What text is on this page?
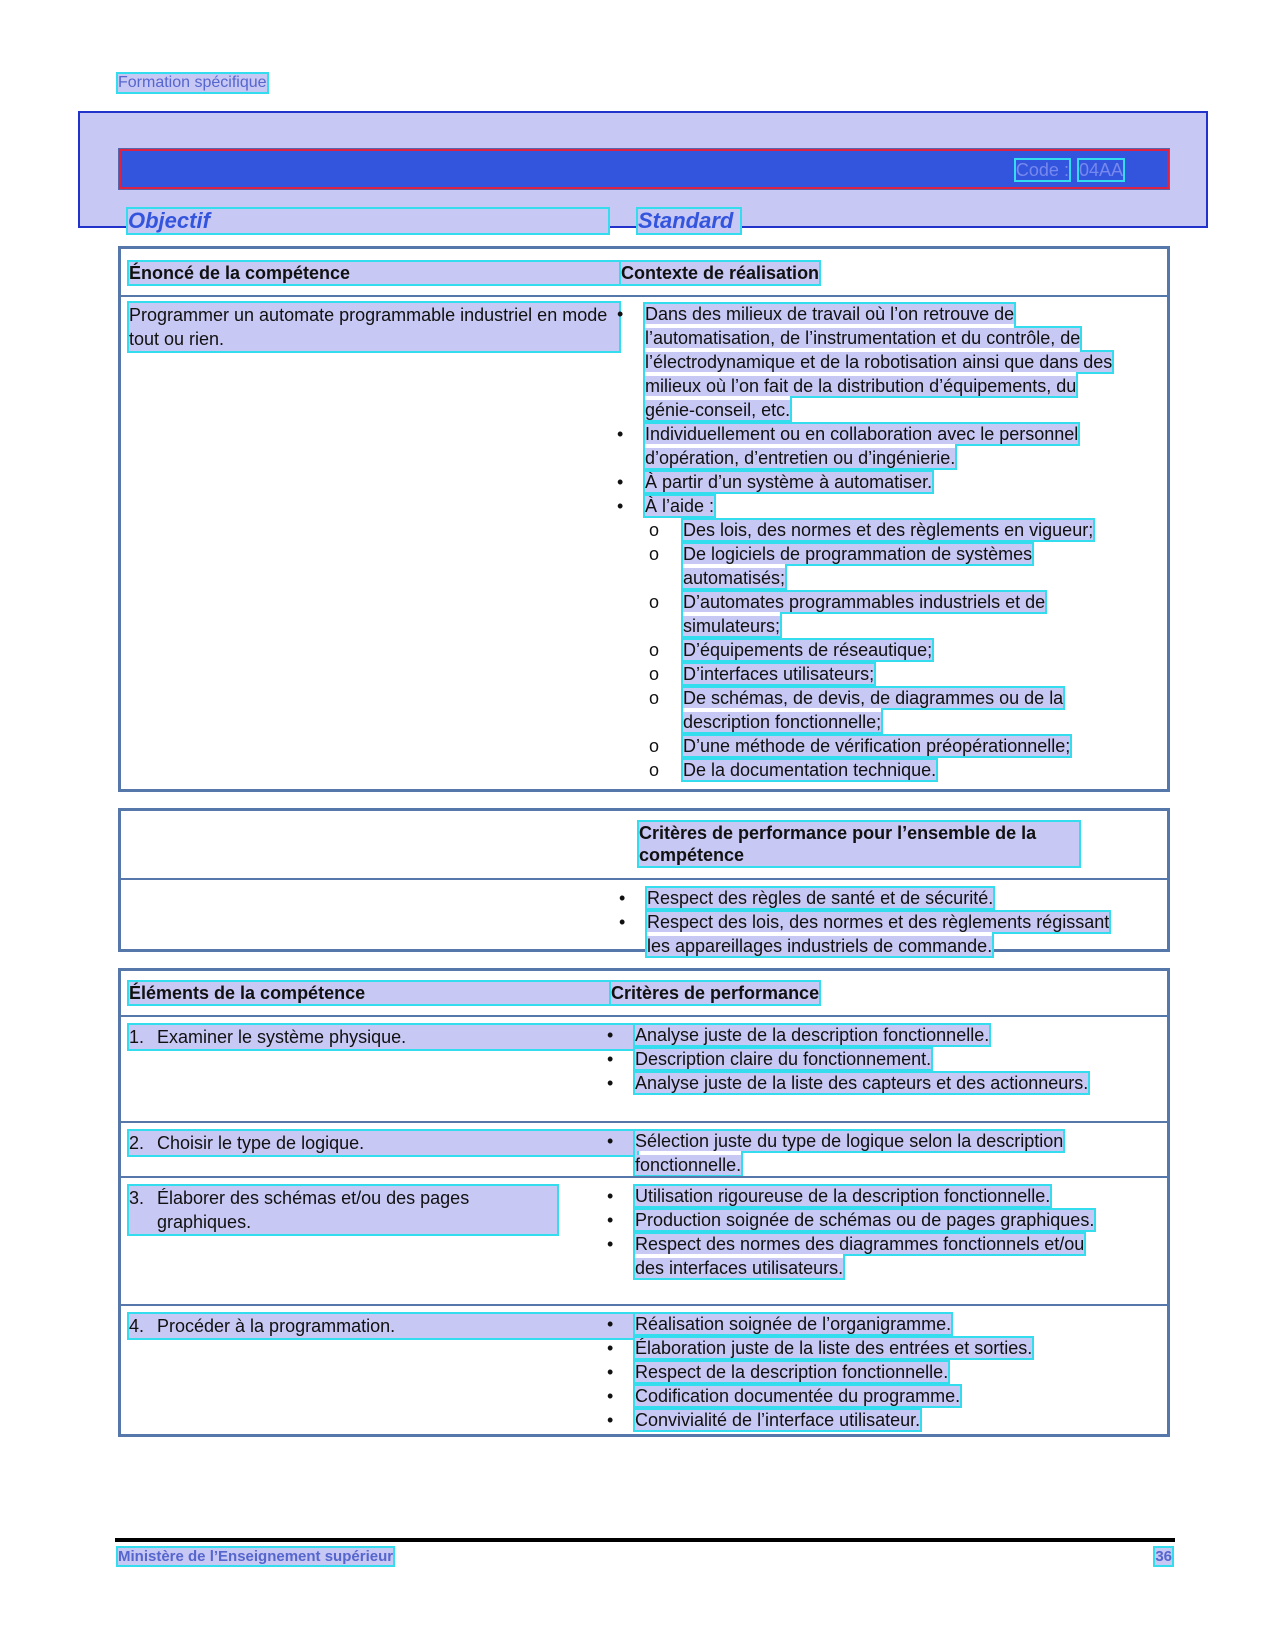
Formation spécifique
Code : 04AA
Objectif	Standard
Énoncé de la compétence	Contexte de réalisation
Programmer un automate programmable industriel en mode tout ou rien.
• Dans des milieux de travail où l’on retrouve de l’automatisation, de l’instrumentation et du contrôle, de l’électrodynamique et de la robotisation ainsi que dans des milieux où l’on fait de la distribution d’équipements, du génie-conseil, etc.
• Individuellement ou en collaboration avec le personnel d’opération, d’entretien ou d’ingénierie.
• À partir d’un système à automatiser.
• À l’aide :
o Des lois, des normes et des règlements en vigueur;
o De logiciels de programmation de systèmes automatisés;
o D’automates programmables industriels et de simulateurs;
o D’équipements de réseautique;
o D’interfaces utilisateurs;
o De schémas, de devis, de diagrammes ou de la description fonctionnelle;
o D’une méthode de vérification préopérationnelle;
o De la documentation technique.
Critères de performance pour l’ensemble de la compétence
• Respect des règles de santé et de sécurité.
• Respect des lois, des normes et des règlements régissant les appareillages industriels de commande.
Éléments de la compétence	Critères de performance
1. Examiner le système physique.	• Analyse juste de la description fonctionnelle.
• Description claire du fonctionnement.
• Analyse juste de la liste des capteurs et des actionneurs.
2. Choisir le type de logique.	• Sélection juste du type de logique selon la description fonctionnelle.
3. Élaborer des schémas et/ou des pages graphiques.
• Utilisation rigoureuse de la description fonctionnelle.
• Production soignée de schémas ou de pages graphiques.
• Respect des normes des diagrammes fonctionnels et/ou des interfaces utilisateurs.
4. Procéder à la programmation.	• Réalisation soignée de l’organigramme.
• Élaboration juste de la liste des entrées et sorties.
• Respect de la description fonctionnelle.
• Codification documentée du programme.
• Convivialité de l’interface utilisateur.
Ministère de l’Enseignement supérieur	36
